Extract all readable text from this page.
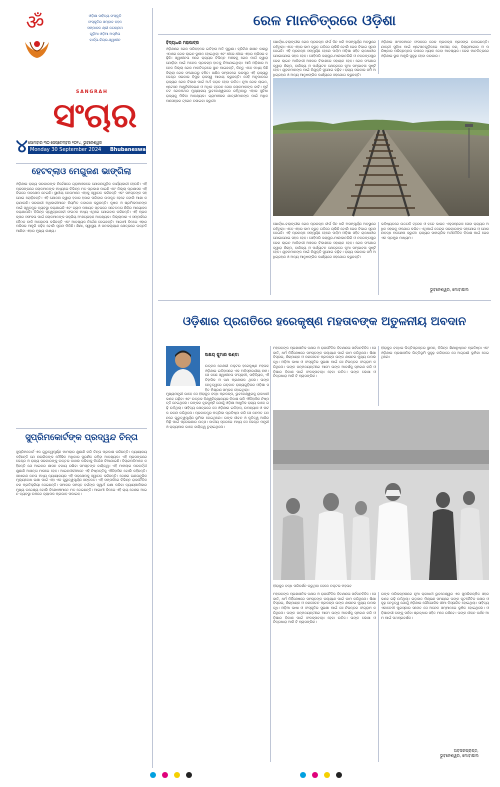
ॐ	ଓଡ଼ିଶା ସାହିତ୍ୟ ସଂସ୍କୃତି
ସଂସ୍କୃତିର ସମ୍ବାଦ ବହନ
ସମ୍ପାଦକ ଶ୍ରୀ ଜଗନ୍ନାଥ
ଗୁଡ଼ିଆ ଓଡ଼ିଆ ଅସ୍ମିତା
ବାର୍ତ୍ତା-ବିଚାର-ସ୍ୱାଧୀନ
SANGRAH
ସଂଚାର
୪ ସୋମବାର ୩୦ ସେପ୍ଟେମ୍ବର ୨୦୨୪, ଭୁବନେଶ୍ୱର
Monday 30 September 2024 Bhubaneswar
ହେଟବ୍ଲାଓ ମେଗୁଜଣ ଭାଙ୍ଗିଲା
ଓଡ଼ିଶାର ରାଜ୍ୟ ସରକାରଙ୍କ ନିର୍ଦ୍ଦେଶରେ ଗ୍ରାମାଞ୍ଚଳରେ ଯୋଜନାଗୁଡ଼ିକ କାର୍ଯ୍ୟକାରୀ ହେଉଛି। ଏହି ପ୍ରସଙ୍ଗରେ ଲୋକମାନଙ୍କ ମଧ୍ୟରେ ବିଭିନ୍ନ ମତ ପ୍ରକାଶ ପାଇଛି ଏବଂ ଜିଲ୍ଲା ପ୍ରଶାସନ ଏହି ଦିଗରେ ପଦକ୍ଷେପ ନେଇଛି। ସ୍ଥାନୀୟ ନେତାମାନେ ଏହାକୁ ସ୍ୱାଗତ କରିଛନ୍ତି ଏବଂ ସମସ୍ତଙ୍କ ସହଯୋଗ ଲୋଡ଼ିଛନ୍ତି। ଏହି ଯୋଜନା ଦ୍ୱାରା ହଜାର ହଜାର ପରିବାର ଉପକୃତ ହେବେ ବୋଲି ଆଶା କରାଯାଉଛି। ସରକାରୀ ଅଧିକାରୀମାନେ ନିୟମିତ ତଦାରଖ କରୁଛନ୍ତି। କୃଷକ ଓ ଶ୍ରମିକମାନଙ୍କ ପାଇଁ ସ୍ୱତନ୍ତ୍ର ବ୍ୟବସ୍ଥା କରାଯାଇଛି ଏବଂ ଗ୍ରାମ ପଞ୍ଚାୟତ ସ୍ତରରେ ସଚେତନତା ଶିବିର ଆୟୋଜନ କରାଯାଉଛି। ବିଭିନ୍ନ ସ୍ୱେଚ୍ଛାସେବୀ ସଂଗଠନ ମଧ୍ୟ ଏଥିରେ ଯୋଗଦାନ କରିଛନ୍ତି। ଏହି ପ୍ରକଳ୍ପର ସଫଳତା ପାଇଁ ଲୋକମାନଙ୍କ ସକ୍ରିୟ ଅଂଶଗ୍ରହଣ ଆବଶ୍ୟକ। ଜିଲ୍ଲାପାଳ ଏ ସମ୍ପର୍କରେ ବୈଠକ ଡାକି ଆଲୋଚନା କରିଛନ୍ତି ଏବଂ ଆବଶ୍ୟକ ନିର୍ଦ୍ଦେଶ ଦେଇଛନ୍ତି। ଆଗାମୀ ଦିନରେ ଏହାର ପରିସର ଆହୁରି ବଢ଼ିବ ବୋଲି ସୂଚନା ମିଳିଛି। ଶିକ୍ଷା, ସ୍ୱାସ୍ଥ୍ୟ ଓ ଜନକଲ୍ୟାଣ କ୍ଷେତ୍ରରେ ଉନ୍ନତି ଆଣିବା ଏହାର ମୁଖ୍ୟ ଲକ୍ଷ୍ୟ।
ସୁପ୍ରିମକୋର୍ଟଙ୍କ ପ୍ରଦ୍ୱନ୍ଦ ଚିନ୍ତା
ସୁପ୍ରିମକୋର୍ଟ ଏକ ଗୁରୁତ୍ୱପୂର୍ଣ୍ଣ ମାମଲାର ଶୁଣାଣି କରି ଚିନ୍ତା ପ୍ରକାଶ କରିଛନ୍ତି। ନ୍ୟାୟାଳୟ କହିଛନ୍ତି ଯେ ନାଗରିକଙ୍କ ମୌଳିକ ଅଧିକାର ସୁରକ୍ଷିତ ରହିବା ଆବଶ୍ୟକ। ଏହି ପ୍ରସଙ୍ଗରେ କେନ୍ଦ୍ର ଓ ରାଜ୍ୟ ସରକାରଙ୍କୁ ଉତ୍ତର ଦାଖଲ କରିବାକୁ ନିର୍ଦ୍ଦେଶ ଦିଆଯାଇଛି। ବିଚାରପତିମାନେ କହିଛନ୍ତି ଯେ ଆଇନର ଶାସନ ବଜାୟ ରଖିବା ସମସ୍ତଙ୍କ ଦାୟିତ୍ୱ। ଏହି ମାମଲାର ପରବର୍ତ୍ତୀ ଶୁଣାଣି ଆସନ୍ତା ମାସରେ ହେବ। ଆଇନଜୀବୀମାନେ ଏହି ନିଷ୍ପତ୍ତିକୁ ଐତିହାସିକ ବୋଲି କହିଛନ୍ତି। ସାଧାରଣ ଜନତା ମଧ୍ୟ ନ୍ୟାୟାଳୟର ଏହି ପଦକ୍ଷେପକୁ ସ୍ୱାଗତ କରିଛନ୍ତି। ଦେଶର ଗଣତାନ୍ତ୍ରିକ ମୂଲ୍ୟବୋଧ ରକ୍ଷା ପାଇଁ ଏହା ଏକ ଗୁରୁତ୍ୱପୂର୍ଣ୍ଣ ସଙ୍କେତ। ଏହି ସମ୍ପର୍କରେ ବିଭିନ୍ନ ରାଜନୈତିକ ଦଳ ପ୍ରତିକ୍ରିୟା ଦେଇଛନ୍ତି। ସମାଜର ସମସ୍ତ ବର୍ଗଙ୍କ ସ୍ୱାର୍ଥ ରକ୍ଷା କରିବା ନ୍ୟାୟପାଳିକାର ମୁଖ୍ୟ ଉଦ୍ଦେଶ୍ୟ ବୋଲି ବିଶେଷଜ୍ଞମାନେ ମତ ଦେଇଛନ୍ତି। ଆଗାମୀ ଦିନରେ ଏହି ରାୟ ଦେଶର ଆଇନ ବ୍ୟବସ୍ଥା ଉପରେ ବ୍ୟାପକ ପ୍ରଭାବ ପକାଇବ।
ରେଳ ମାନଚିତ୍ରରେ ଓଡ଼ିଶା
ବିଦ୍ୟାଧର ମହାପାତ୍ର
ଓଡ଼ିଶାରେ ରେଳ ପରିବହନର ଇତିହାସ ଅତି ପୁରୁଣା। ବ୍ରିଟିଶ ଶାସନ କାଳରୁ ଏଠାରେ ରେଳ ଲାଇନ ସ୍ଥାପନ ହୋଇଥିଲା ଏବଂ ଧୀରେ ଧୀରେ ଏହାର ପରିସର ବଢ଼ିଛି। ସ୍ୱାଧୀନତା ପରେ ରାଜ୍ୟର ବିଭିନ୍ନ ଅଞ୍ଚଳକୁ ରେଳ ମାର୍ଗ ଦ୍ୱାରା ଯୋଡ଼ିବା ପାଇଁ ଅନେକ ପ୍ରକଳ୍ପ ହାତକୁ ନିଆଯାଇଥିଲା। ଆଜି ଓଡ଼ିଶାର ଅନେକ ଜିଲ୍ଲା ରେଳ ମାନଚିତ୍ରରେ ସ୍ଥାନ ପାଇଛନ୍ତି, କିନ୍ତୁ ଏବେ ମଧ୍ୟ କିଛି ଜିଲ୍ଲା ରେଳ ସଂଯୋଗରୁ ବଞ୍ଚିତ। ଖଣିଜ ସମ୍ପଦରେ ଭରପୂର ଏହି ରାଜ୍ୟରୁ କେନ୍ଦ୍ର ସରକାର ବିପୁଳ ରାଜସ୍ୱ ଆଦାୟ କରୁଛନ୍ତି। ସେହି ଅନୁପାତରେ ରାଜ୍ୟର ରେଳ ବିକାଶ ପାଇଁ ଅର୍ଥ ବରାଦ ହେବା ଉଚିତ। ନୂଆ ରେଳ ଲାଇନ, ଷ୍ଟେସନ ଆଧୁନିକୀକରଣ ଓ ଅଧିକ ଟ୍ରେନ ସେବା ଲୋକମାନଙ୍କ ଦାବି। ପୂର୍ବତଟ ରେଳପଥର ମୁଖ୍ୟାଳୟ ଭୁବନେଶ୍ୱରରେ ରହିଥିବାରୁ ଏହାର ସୁବିଧା ରାଜ୍ୟକୁ ମିଳିବା ଆବଶ୍ୟକ। ଗ୍ରାମାଞ୍ଚଳର ଯାତ୍ରୀମାନଙ୍କ ପାଇଁ ଅଧିକ ପାସେଞ୍ଜର ଟ୍ରେନ ଚଳାଇବା ଜରୁରୀ।
ଖୋର୍ଦ୍ଧା-ବଲାଙ୍ଗୀର ରେଳ ପ୍ରକଳ୍ପ ଦୀର୍ଘ ଦିନ ଧରି ଅସମ୍ପୂର୍ଣ୍ଣ ଅବସ୍ଥାରେ ରହିଥିଲା। ଏବେ ଏହାର କାମ ଦ୍ରୁତ ଗତିରେ ଚାଲିଛି ବୋଲି ରେଳ ବିଭାଗ ସୂଚନା ଦେଇଛି। ଏହି ପ୍ରକଳ୍ପ ସମ୍ପୂର୍ଣ୍ଣ ହେଲେ ପଶ୍ଚିମ ଓଡ଼ିଶା ସହିତ ରାଜଧାନୀର ଯୋଗାଯୋଗ ସହଜ ହେବ। ସେହିପରି ଜୟପୁର-ମାଲକାନଗିରି ଓ ନବରଙ୍ଗପୁର ରେଳ ଲାଇନ ଆଦିବାସୀ ଅଞ୍ଚଳର ବିକାଶରେ ସହାୟକ ହେବ। ରେଳ ସଂଯୋଗ ଦ୍ୱାରା ଶିଳ୍ପ, ବାଣିଜ୍ୟ ଓ ପର୍ଯ୍ୟଟନ କ୍ଷେତ୍ରରେ ନୂଆ ସମ୍ଭାବନା ସୃଷ୍ଟି ହେବ। ଯୁବକମାନଙ୍କ ପାଇଁ ନିଯୁକ୍ତି ସୁଯୋଗ ବଢ଼ିବ। ରାଜ୍ୟ ସରକାର ଜମି ଅଧିଗ୍ରହଣ ଓ ଅନ୍ୟ ଆନୁଷଙ୍ଗିକ କାର୍ଯ୍ୟରେ ସହଯୋଗ କରୁଛନ୍ତି।
ଓଡ଼ିଶାର ସାଂସଦମାନେ ସଂସଦରେ ରେଳ ପ୍ରକଳ୍ପ ପ୍ରସଙ୍ଗ ଉଠାଇଛନ୍ତି। ଯାତ୍ରୀ ସୁବିଧା ପାଇଁ ଷ୍ଟେସନଗୁଡ଼ିକରେ ପାନୀୟ ଜଳ, ବିଶ୍ରାମାଗାର ଓ ପରିଷ୍କାର ପରିଚ୍ଛନ୍ନତା ଉପରେ ଧ୍ୟାନ ଦେବା ଆବଶ୍ୟକ। ରେଳ ମାନଚିତ୍ରରେ ଓଡ଼ିଶାର ସ୍ଥାନ ଆହୁରି ସୁଦୃଢ଼ ହେବା ଦରକାର।
ଖୋର୍ଦ୍ଧା-ବଲାଙ୍ଗୀର ରେଳ ପ୍ରକଳ୍ପ ଦୀର୍ଘ ଦିନ ଧରି ଅସମ୍ପୂର୍ଣ୍ଣ ଅବସ୍ଥାରେ ରହିଥିଲା। ଏବେ ଏହାର କାମ ଦ୍ରୁତ ଗତିରେ ଚାଲିଛି ବୋଲି ରେଳ ବିଭାଗ ସୂଚନା ଦେଇଛି। ଏହି ପ୍ରକଳ୍ପ ସମ୍ପୂର୍ଣ୍ଣ ହେଲେ ପଶ୍ଚିମ ଓଡ଼ିଶା ସହିତ ରାଜଧାନୀର ଯୋଗାଯୋଗ ସହଜ ହେବ। ସେହିପରି ଜୟପୁର-ମାଲକାନଗିରି ଓ ନବରଙ୍ଗପୁର ରେଳ ଲାଇନ ଆଦିବାସୀ ଅଞ୍ଚଳର ବିକାଶରେ ସହାୟକ ହେବ। ରେଳ ସଂଯୋଗ ଦ୍ୱାରା ଶିଳ୍ପ, ବାଣିଜ୍ୟ ଓ ପର୍ଯ୍ୟଟନ କ୍ଷେତ୍ରରେ ନୂଆ ସମ୍ଭାବନା ସୃଷ୍ଟି ହେବ। ଯୁବକମାନଙ୍କ ପାଇଁ ନିଯୁକ୍ତି ସୁଯୋଗ ବଢ଼ିବ। ରାଜ୍ୟ ସରକାର ଜମି ଅଧିଗ୍ରହଣ ଓ ଅନ୍ୟ ଆନୁଷଙ୍ଗିକ କାର୍ଯ୍ୟରେ ସହଯୋଗ କରୁଛନ୍ତି।
ଭବିଷ୍ୟତରେ ଉଚ୍ଚଗତି ଟ୍ରେନ ଓ ବନ୍ଦେ ଭାରତ ଏକ୍ସପ୍ରେସ ସେବା ରାଜ୍ୟର ଅଧିକ ସହରକୁ ସଂଯୋଗ କରିବ। ଏଥିପାଇଁ କେନ୍ଦ୍ର ସରକାରଙ୍କ ସହଯୋଗ ଓ ଯୋଜନାବଦ୍ଧ ପଦକ୍ଷେପ ଜରୁରୀ। ରାଜ୍ୟର ସାମଗ୍ରିକ ଅର୍ଥନୈତିକ ବିକାଶ ପାଇଁ ରେଳ ଏକ ପ୍ରମୁଖ ମାଧ୍ୟମ।
ଭୁବନେଶ୍ୱର, ମୋବାଇଲ
ଓଡ଼ିଶାର ପ୍ରଗତିରେ ହରେକୃଷ୍ଣ ମହତାବଙ୍କ ଅତୁଳନୀୟ ଅବଦାନ
ଅକ୍ଷୟ କୁମାର ପଣ୍ଡା
ଉତ୍କଳ କେଶରୀ ଡକ୍ଟର ହରେକୃଷ୍ଣ ମହତାବ ଓଡ଼ିଶାର ଇତିହାସରେ ଏକ ଅବିସ୍ମରଣୀୟ ନାମ। ସେ ଜଣେ ସ୍ୱାଧୀନତା ସଂଗ୍ରାମୀ, ସାହିତ୍ୟିକ, ଐତିହାସିକ ଓ ଦକ୍ଷ ପ୍ରଶାସକ ଥିଲେ। ତାଙ୍କ ନେତୃତ୍ୱରେ ଗଡ଼ଜାତ ରାଜ୍ୟଗୁଡ଼ିକର ଓଡ଼ିଶା ସହିତ ମିଶ୍ରଣ ସମ୍ଭବ ହୋଇଥିଲା।
ମୁଖ୍ୟମନ୍ତ୍ରୀ ଭାବେ ସେ ହୀରାକୁଦ ବନ୍ଧ ପ୍ରକଳ୍ପ, ଭୁବନେଶ୍ୱରକୁ ରାଜଧାନୀ ଭାବେ ଗଢ଼ିବା ଏବଂ ଉତ୍କଳ ବିଶ୍ୱବିଦ୍ୟାଳୟର ବିକାଶ ଭଳି ଐତିହାସିକ ନିଷ୍ପତ୍ତି ନେଇଥିଲେ। ତାଙ୍କର ଦୂରଦୃଷ୍ଟି ଯୋଗୁଁ ଓଡ଼ିଶା ଆଧୁନିକ ରାଜ୍ୟ ଭାବେ ଗଢ଼ି ଉଠିଥିଲା। ସାହିତ୍ୟ କ୍ଷେତ୍ରରେ ସେ ଓଡ଼ିଶାର ଇତିହାସ, ଉପନ୍ୟାସ ଓ ନାଟକ ରଚନା କରିଥିଲେ। ପ୍ରଜାତନ୍ତ୍ର ପତ୍ରିକା ପ୍ରତିଷ୍ଠା କରି ସେ ଜନମତ ଗଠନରେ ଗୁରୁତ୍ୱପୂର୍ଣ୍ଣ ଭୂମିକା ନେଇଥିଲେ। ତାଙ୍କ ଜୀବନ ଓ କୃତିତ୍ୱ ଆଜିର ପିଢ଼ି ପାଇଁ ପ୍ରେରଣାର ଉତ୍ସ। ଜାତୀୟ ସ୍ତରରେ ମଧ୍ୟ ସେ କେନ୍ଦ୍ର ମନ୍ତ୍ରୀ ଓ ରାଜ୍ୟପାଳ ଭାବେ ଦାୟିତ୍ୱ ତୁଲାଇଥିଲେ।
ମହତାବଙ୍କ ପ୍ରଶାସନିକ ଦକ୍ଷତା ଓ ରାଜନୈତିକ ବିଚକ୍ଷଣତା ସର୍ବଜନବିଦିତ। ସେ ଜାତି, ଧର୍ମ ନିର୍ବିଶେଷରେ ସମସ୍ତଙ୍କ କଲ୍ୟାଣ ପାଇଁ କାମ କରିଥିଲେ। ଶିକ୍ଷା ବିସ୍ତାର, ଶିଳ୍ପାୟନ ଓ ଜଳସେଚନ ପ୍ରକଳ୍ପ ତାଙ୍କ ଶାସନର ମୁଖ୍ୟ ଉପଲବ୍ଧି। ଓଡ଼ିଆ ଭାଷା ଓ ସଂସ୍କୃତିର ସୁରକ୍ଷା ପାଇଁ ସେ ନିରନ୍ତର ସଂଗ୍ରାମ କରିଥିଲେ। ତାଙ୍କ ଜନ୍ମଜୟନ୍ତୀରେ ଆମେ ତାଙ୍କ ଆଦର୍ଶକୁ ସ୍ମରଣ କରି ଓଡ଼ିଶାର ବିକାଶ ପାଇଁ ସଂକଳ୍ପବଦ୍ଧ ହେବା ଉଚିତ। ତାଙ୍କ ଲେଖା ଓ ଚିନ୍ତାଧାରା ଆଜି ବି ପ୍ରାସଙ୍ଗିକ।
ହୀରାକୁଦ ବନ୍ଧର ଭିତ୍ତିପ୍ରସ୍ତର ସ୍ଥାପନ, ବିଭିନ୍ନ ଶିକ୍ଷାନୁଷ୍ଠାନ ପ୍ରତିଷ୍ଠା ଏବଂ ଓଡ଼ିଶାର ପ୍ରଶାସନିକ ଭିତ୍ତିଭୂମି ସୁଦୃଢ଼ କରିବାରେ ସେ ଅଗ୍ରଣୀ ଭୂମିକା ନେଇଥିଲେ।
ହୀରାକୁଦ ବନ୍ଧ ପରିଦର୍ଶନ କରୁଥିବା ବେଳେ ଡକ୍ଟର ମହତାବ
ମହତାବଙ୍କ ପ୍ରଶାସନିକ ଦକ୍ଷତା ଓ ରାଜନୈତିକ ବିଚକ୍ଷଣତା ସର୍ବଜନବିଦିତ। ସେ ଜାତି, ଧର୍ମ ନିର୍ବିଶେଷରେ ସମସ୍ତଙ୍କ କଲ୍ୟାଣ ପାଇଁ କାମ କରିଥିଲେ। ଶିକ୍ଷା ବିସ୍ତାର, ଶିଳ୍ପାୟନ ଓ ଜଳସେଚନ ପ୍ରକଳ୍ପ ତାଙ୍କ ଶାସନର ମୁଖ୍ୟ ଉପଲବ୍ଧି। ଓଡ଼ିଆ ଭାଷା ଓ ସଂସ୍କୃତିର ସୁରକ୍ଷା ପାଇଁ ସେ ନିରନ୍ତର ସଂଗ୍ରାମ କରିଥିଲେ। ତାଙ୍କ ଜନ୍ମଜୟନ୍ତୀରେ ଆମେ ତାଙ୍କ ଆଦର୍ଶକୁ ସ୍ମରଣ କରି ଓଡ଼ିଶାର ବିକାଶ ପାଇଁ ସଂକଳ୍ପବଦ୍ଧ ହେବା ଉଚିତ। ତାଙ୍କ ଲେଖା ଓ ଚିନ୍ତାଧାରା ଆଜି ବି ପ୍ରାସଙ୍ଗିକ।
ତାଙ୍କ ପରିକଳ୍ପନାରେ ନୂଆ ରାଜଧାନୀ ଭୁବନେଶ୍ୱର ଏକ ସୁପରିକଳ୍ପିତ ସହର ଭାବେ ଗଢ଼ି ଉଠିଥିଲା। ଗଡ଼ଜାତ ମିଶ୍ରଣ ସମୟରେ ତାଙ୍କ କୂଟନୈତିକ ଦକ୍ଷତା ଓ ଦୃଢ଼ ନେତୃତ୍ୱ ଯୋଗୁଁ ଓଡ଼ିଶାର ଭୌଗୋଳିକ ସୀମା ବିସ୍ତାରିତ ହୋଇଥିଲା। ସାହିତ୍ୟ ଏକାଡେମୀ ପୁରସ୍କାର ସମେତ ସେ ଅନେକ ସମ୍ମାନରେ ଭୂଷିତ ହୋଇଥିଲେ। ଓଡ଼ିଶାବାସୀ ତାଙ୍କୁ ସର୍ବଦା ଶ୍ରଦ୍ଧାର ସହିତ ମନେ ରଖିବେ। ତାଙ୍କ ଜୀବନ ଦର୍ଶନ ଆମ ପାଇଁ ପଥପ୍ରଦର୍ଶକ।
ଅବସରପ୍ରାପ୍ତ,
ଭୁବନେଶ୍ୱର, ମୋବାଇଲ
